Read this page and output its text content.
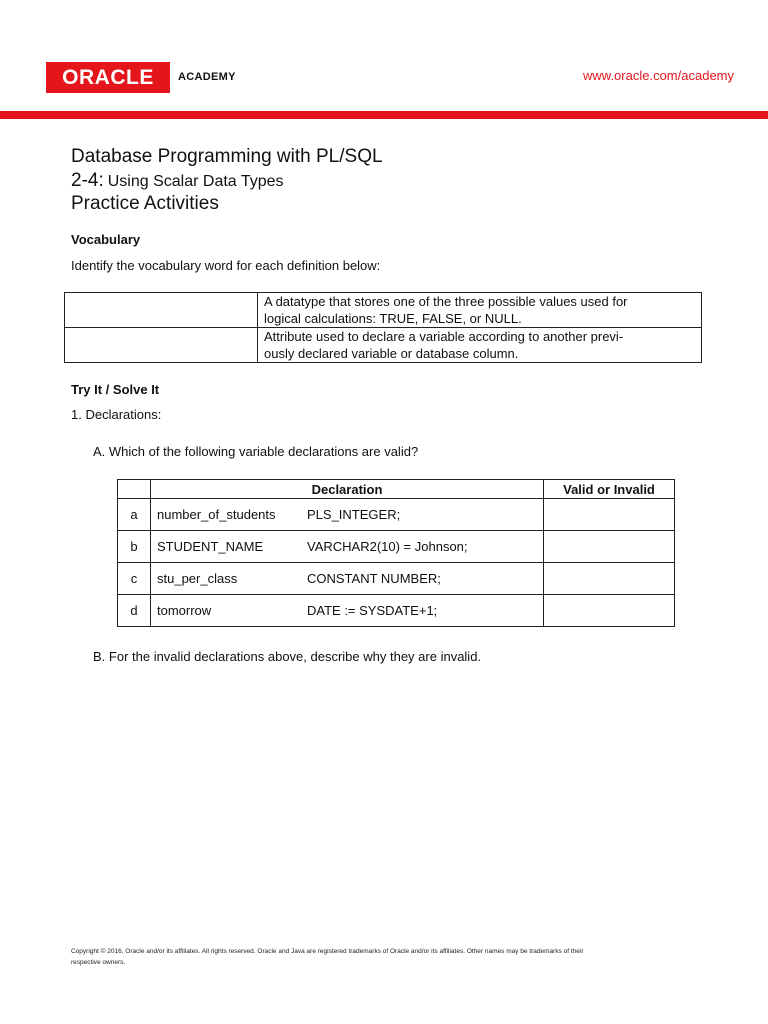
ORACLE ACADEMY	www.oracle.com/academy
Database Programming with PL/SQL
2-4: Using Scalar Data Types
Practice Activities
Vocabulary
Identify the vocabulary word for each definition below:

	A datatype that stores one of the three possible values used for
logical calculations: TRUE, FALSE, or NULL.

	Attribute used to declare a variable according to another previ-
ously declared variable or database column.
Try It / Solve It
1. Declarations:
A. Which of the following variable declarations are valid?
	Declaration	Valid or Invalid
a	number_of_students PLS_INTEGER;	
b	STUDENT_NAME VARCHAR2(10) = Johnson;	
c	stu_per_class CONSTANT NUMBER;	
d	tomorrow DATE := SYSDATE+1;	
B. For the invalid declarations above, describe why they are invalid.
Copyright © 2016, Oracle and/or its affiliates. All rights reserved. Oracle and Java are registered trademarks of Oracle and/or its affiliates. Other names may be trademarks of their
respective owners.
